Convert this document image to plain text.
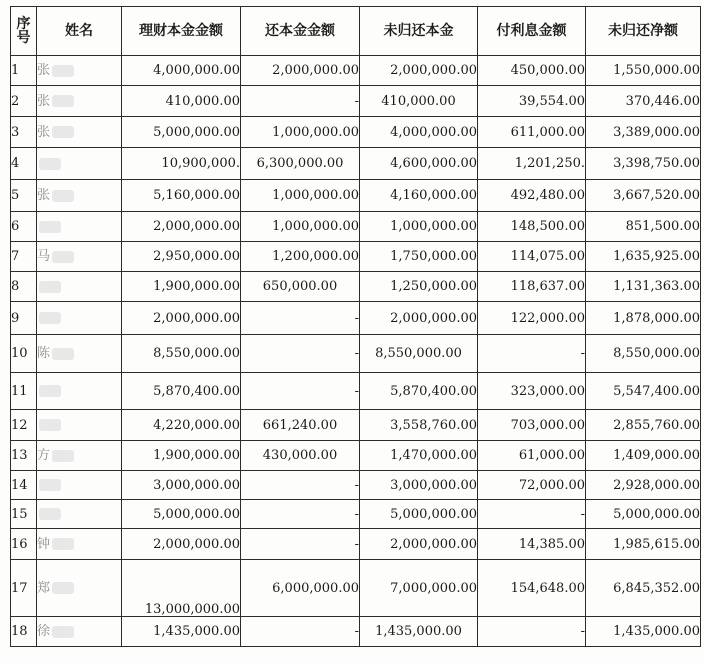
序
号	姓名	理财本金金额	还本金金额	未归还本金	付利息金额	未归还净额
1	张	4,000,000.00	2,000,000.00	2,000,000.00	450,000.00	1,550,000.00
2	张	410,000.00	-	410,000.00	39,554.00	370,446.00
3	张	5,000,000.00	1,000,000.00	4,000,000.00	611,000.00	3,389,000.00
4		10,900,000.	6,300,000.00	4,600,000.00	1,201,250.	3,398,750.00
5	张	5,160,000.00	1,000,000.00	4,160,000.00	492,480.00	3,667,520.00
6		2,000,000.00	1,000,000.00	1,000,000.00	148,500.00	851,500.00
7	马	2,950,000.00	1,200,000.00	1,750,000.00	114,075.00	1,635,925.00
8		1,900,000.00	650,000.00	1,250,000.00	118,637.00	1,131,363.00
9		2,000,000.00	-	2,000,000.00	122,000.00	1,878,000.00
10	陈	8,550,000.00	-	8,550,000.00	-	8,550,000.00
11		5,870,400.00	-	5,870,400.00	323,000.00	5,547,400.00
12		4,220,000.00	661,240.00	3,558,760.00	703,000.00	2,855,760.00
13	方	1,900,000.00	430,000.00	1,470,000.00	61,000.00	1,409,000.00
14		3,000,000.00	-	3,000,000.00	72,000.00	2,928,000.00
15		5,000,000.00	-	5,000,000.00	-	5,000,000.00
16	钟	2,000,000.00	-	2,000,000.00	14,385.00	1,985,615.00
17	郑	13,000,000.00	6,000,000.00	7,000,000.00	154,648.00	6,845,352.00
18	徐	1,435,000.00	-	1,435,000.00	-	1,435,000.00
